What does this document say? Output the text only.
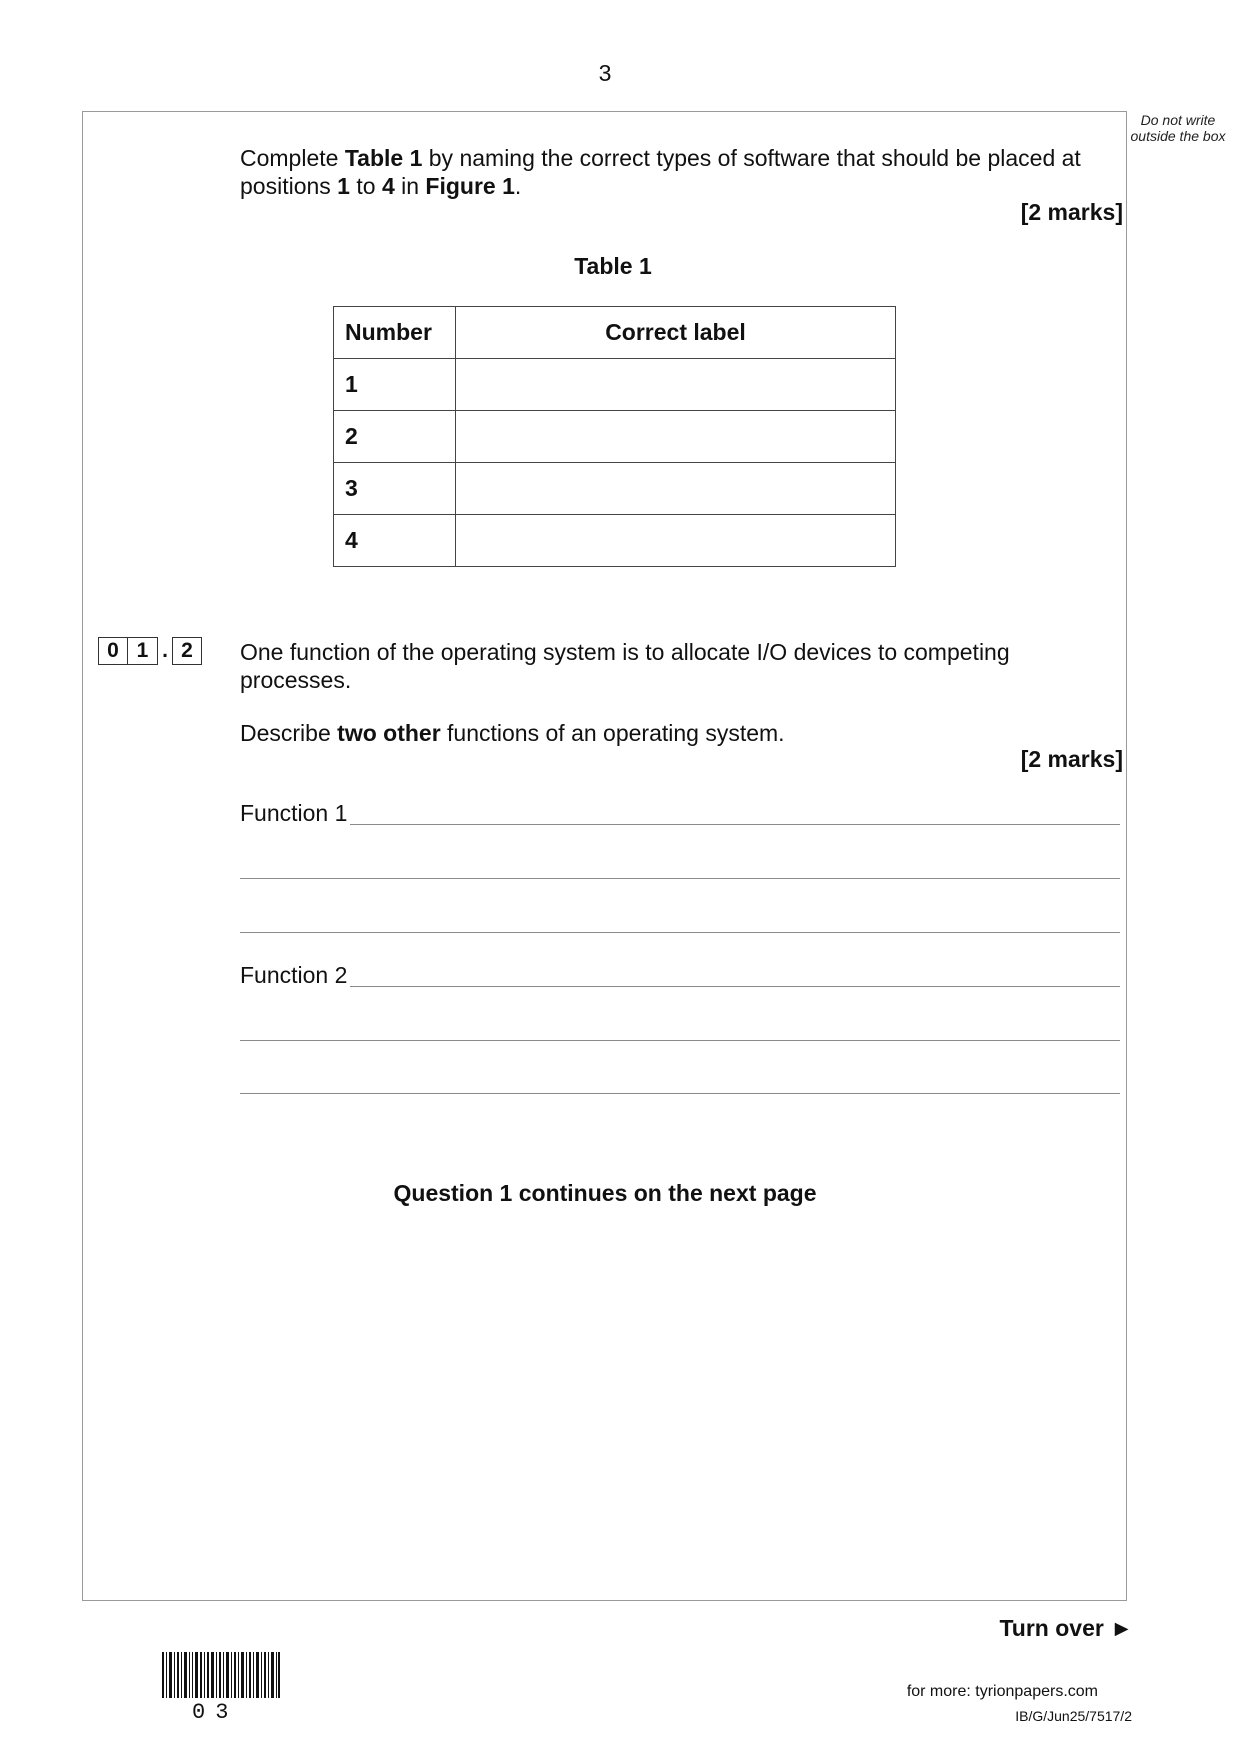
3
Do not write outside the box
Complete Table 1 by naming the correct types of software that should be placed at positions 1 to 4 in Figure 1.
[2 marks]
Table 1
Number	Correct label
1	
2	
3	
4	
0 1 . 2	One function of the operating system is to allocate I/O devices to competing processes.
Describe two other functions of an operating system.
[2 marks]
Function 1
Function 2
Question 1 continues on the next page
Turn over ►
03
for more: tyrionpapers.com
IB/G/Jun25/7517/2
